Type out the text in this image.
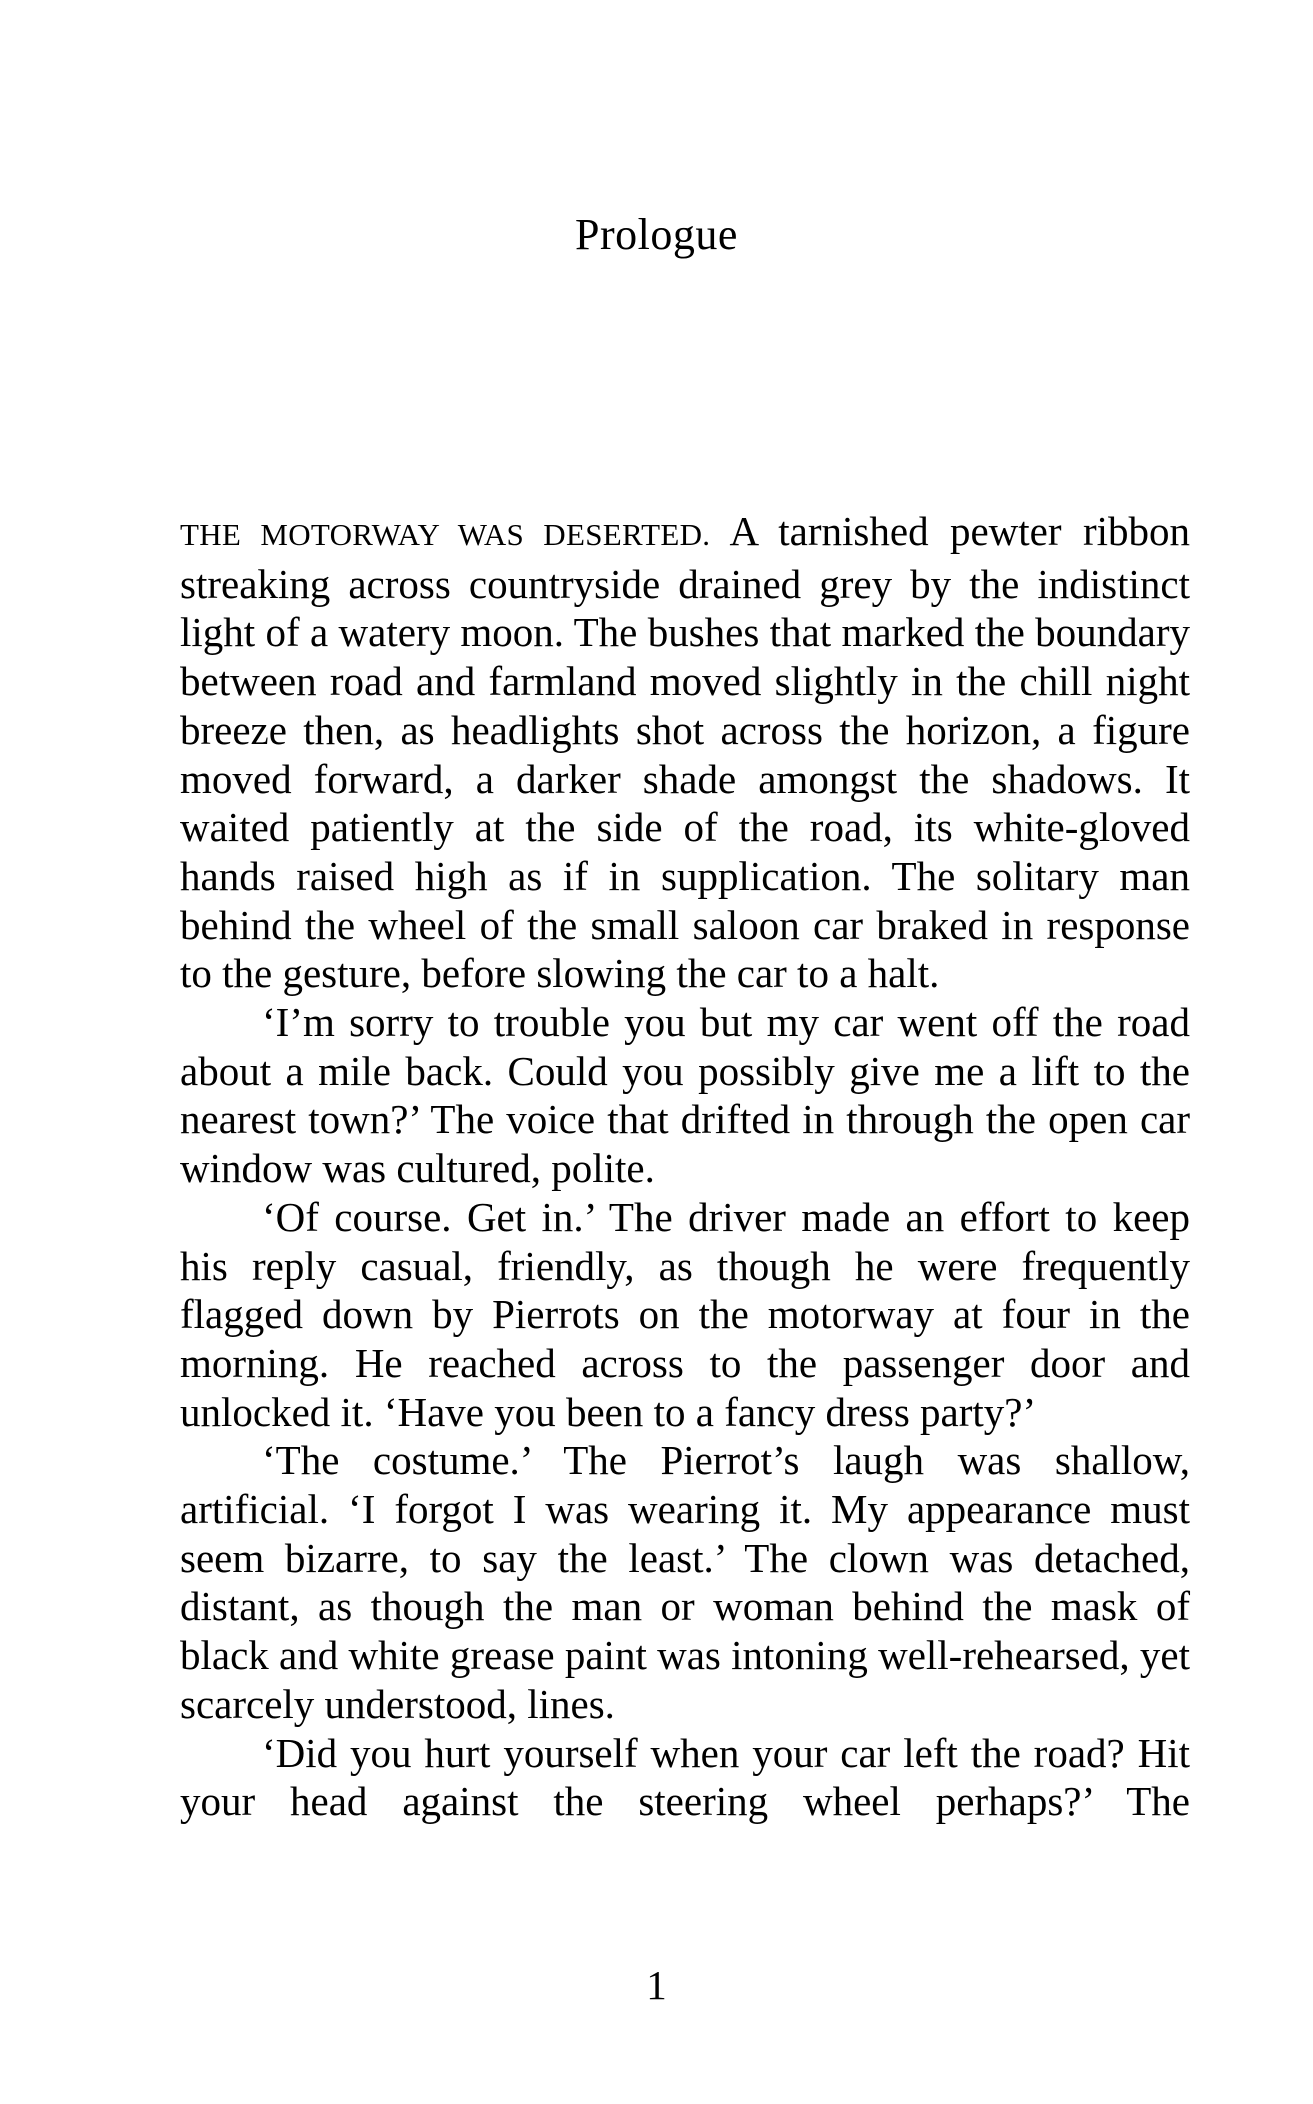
Prologue

THE MOTORWAY WAS DESERTED. A tarnished pewter ribbon streaking across countryside drained grey by the indistinct light of a watery moon. The bushes that marked the boundary between road and farmland moved slightly in the chill night breeze then, as headlights shot across the horizon, a figure moved forward, a darker shade amongst the shadows. It waited patiently at the side of the road, its white-gloved hands raised high as if in supplication. The solitary man behind the wheel of the small saloon car braked in response to the gesture, before slowing the car to a halt.

‘I’m sorry to trouble you but my car went off the road about a mile back. Could you possibly give me a lift to the nearest town?’ The voice that drifted in through the open car window was cultured, polite.

‘Of course. Get in.’ The driver made an effort to keep his reply casual, friendly, as though he were frequently flagged down by Pierrots on the motorway at four in the morning. He reached across to the passenger door and unlocked it. ‘Have you been to a fancy dress party?’

‘The costume.’ The Pierrot’s laugh was shallow, artificial. ‘I forgot I was wearing it. My appearance must seem bizarre, to say the least.’ The clown was detached, distant, as though the man or woman behind the mask of black and white grease paint was intoning well-rehearsed, yet scarcely understood, lines.

‘Did you hurt yourself when your car left the road? Hit your head against the steering wheel perhaps?’ The

1
